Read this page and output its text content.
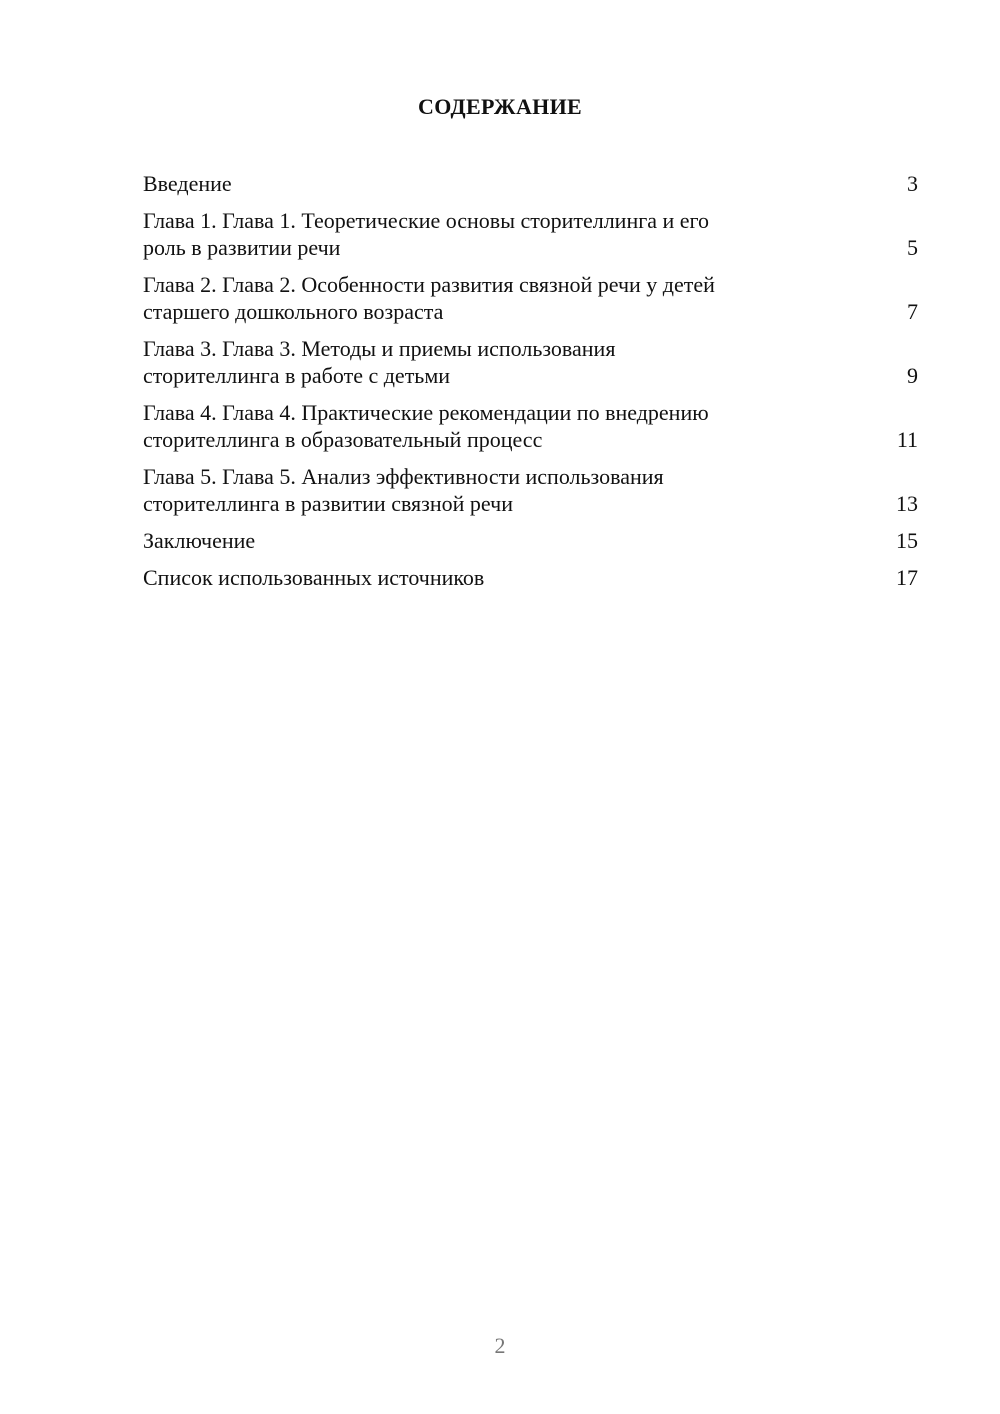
СОДЕРЖАНИЕ
Введение	3
Глава 1. Глава 1. Теоретические основы сторителлинга и его
роль в развитии речи	5
Глава 2. Глава 2. Особенности развития связной речи у детей
старшего дошкольного возраста	7
Глава 3. Глава 3. Методы и приемы использования
сторителлинга в работе с детьми	9
Глава 4. Глава 4. Практические рекомендации по внедрению
сторителлинга в образовательный процесс	11
Глава 5. Глава 5. Анализ эффективности использования
сторителлинга в развитии связной речи	13
Заключение	15
Список использованных источников	17
2
